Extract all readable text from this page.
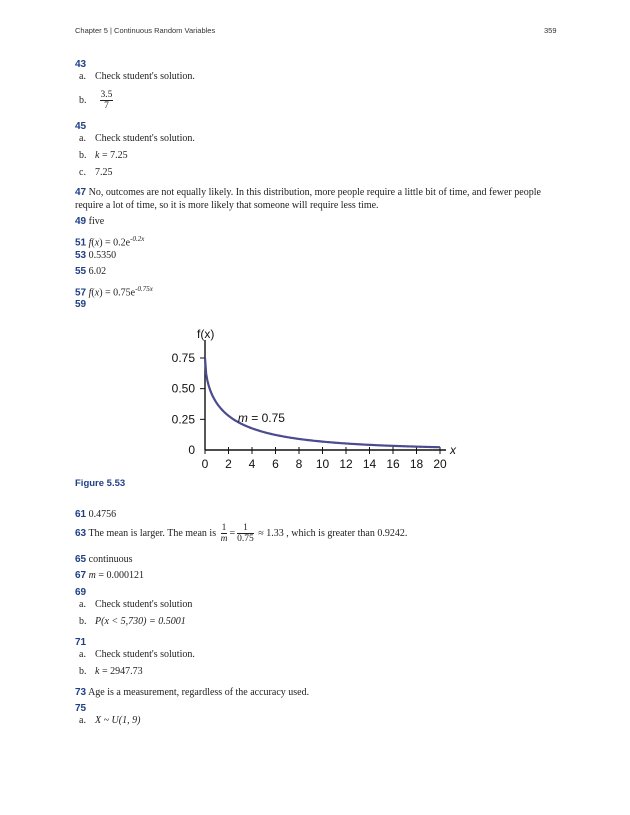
Chapter 5 | Continuous Random Variables	359
43
a. Check student's solution.
b. $\frac{3.5}{7}$
45
a. Check student's solution.
b. k = 7.25
c. 7.25
47 No, outcomes are not equally likely. In this distribution, more people require a little bit of time, and fewer people require a lot of time, so it is more likely that someone will require less time.
49 five
51 $f(x) = 0.2e^{-0.2x}$
53 0.5350
55 6.02
57 $f(x) = 0.75e^{-0.75x}$
59
f(x)
x
0 2 4 6 8 10 12 14 16 18 20
0
0.25
0.50
0.75
m = 0.75
Figure 5.53
61 0.4756
63 The mean is larger. The mean is $\frac{1}{m} = \frac{1}{0.75} \approx 1.33$ , which is greater than 0.9242.
65 continuous
67 m = 0.000121
69
a. Check student's solution
b. P(x < 5,730) = 0.5001
71
a. Check student's solution.
b. k = 2947.73
73 Age is a measurement, regardless of the accuracy used.
75
a. X ~ U(1, 9)
